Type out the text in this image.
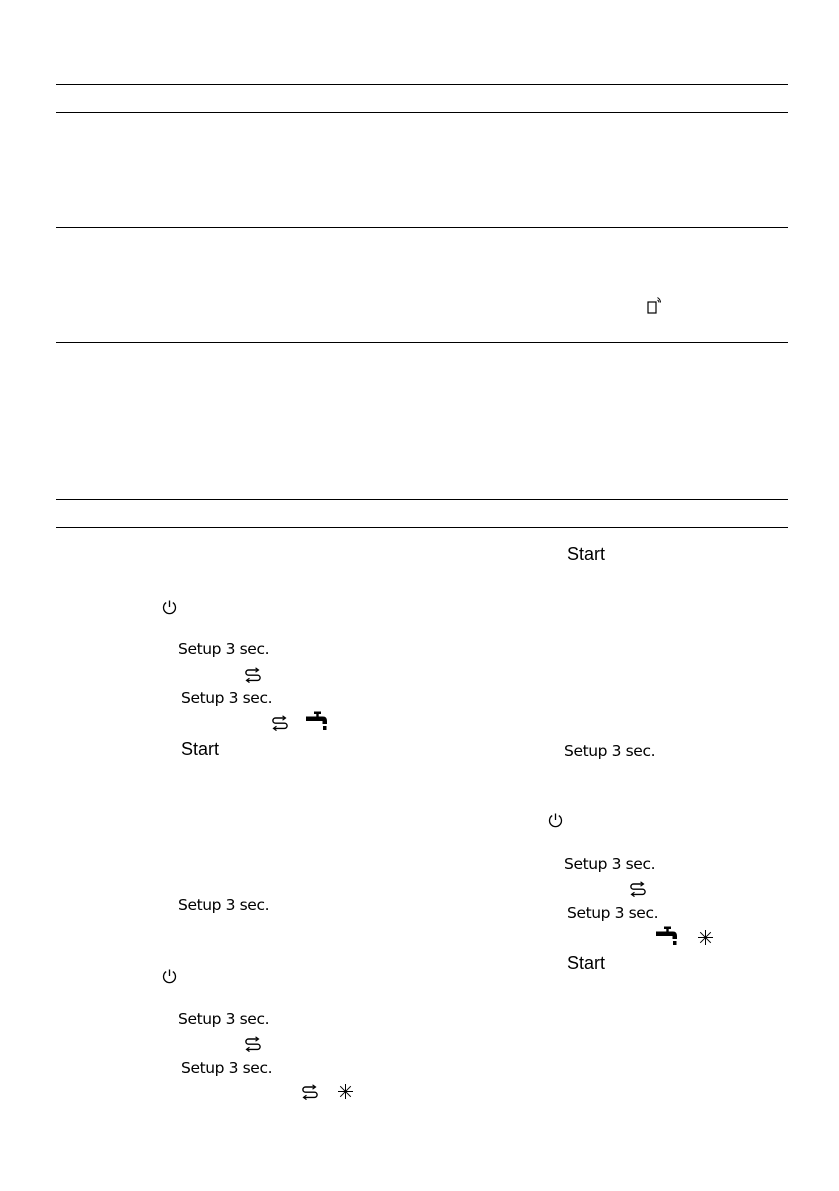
Setup 3 sec.
Setup 3 sec.
Start
Setup 3 sec.
Setup 3 sec.
Setup 3 sec.
Start
Setup 3 sec.
Setup 3 sec.
Setup 3 sec.
Start
